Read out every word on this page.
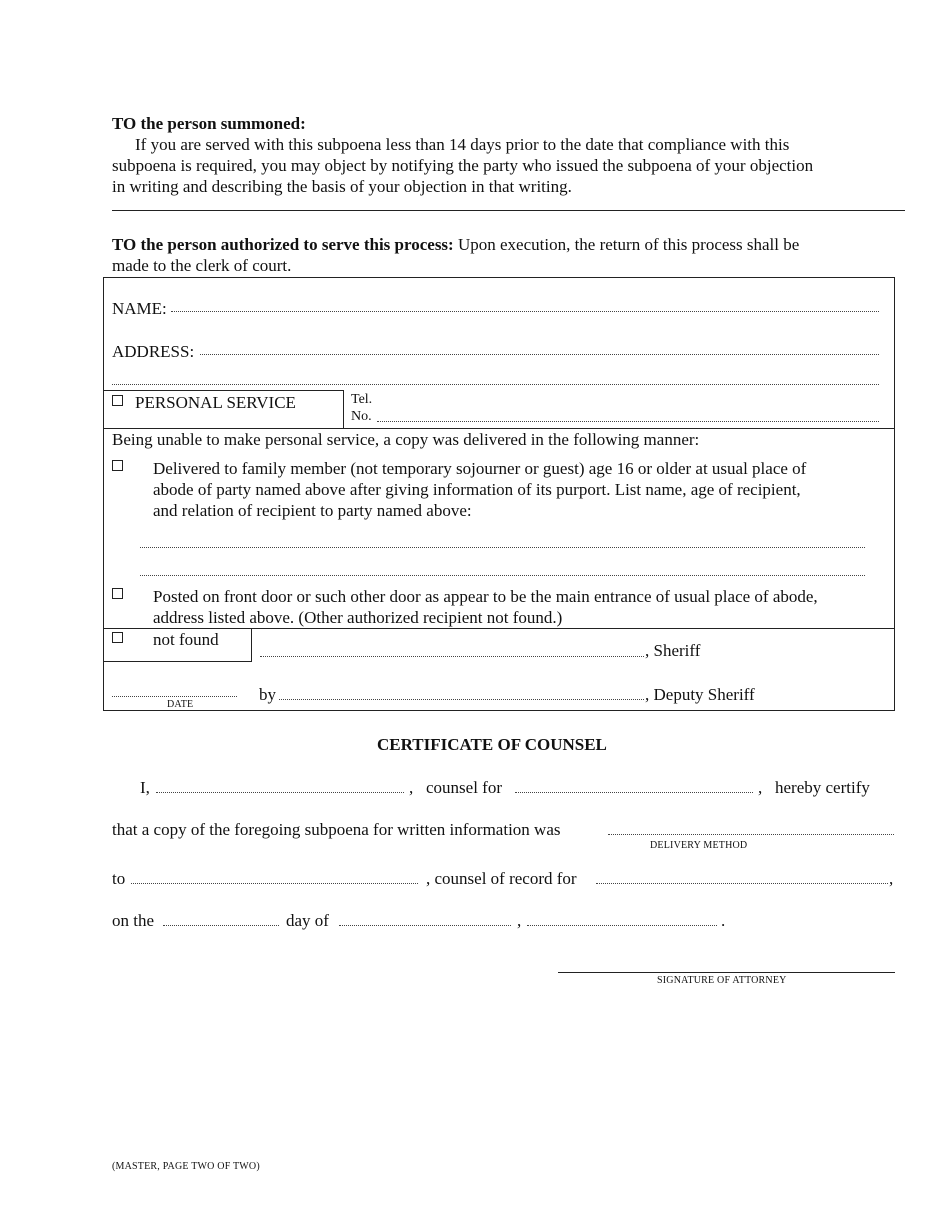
TO the person summoned:
If you are served with this subpoena less than 14 days prior to the date that compliance with this
subpoena is required, you may object by notifying the party who issued the subpoena of your objection
in writing and describing the basis of your objection in that writing.
TO the person authorized to serve this process: Upon execution, the return of this process shall be
made to the clerk of court.
NAME:
ADDRESS:
PERSONAL SERVICE	Tel.
No.
Being unable to make personal service, a copy was delivered in the following manner:
Delivered to family member (not temporary sojourner or guest) age 16 or older at usual place of
abode of party named above after giving information of its purport. List name, age of recipient,
and relation of recipient to party named above:
Posted on front door or such other door as appear to be the main entrance of usual place of abode,
address listed above. (Other authorized recipient not found.)
not found
, Sheriff
DATE
by	, Deputy Sheriff
CERTIFICATE OF COUNSEL
I,	, counsel for	, hereby certify
that a copy of the foregoing subpoena for written information was
DELIVERY METHOD
to	, counsel of record for	,
on the	day of	,	.
SIGNATURE OF ATTORNEY
(MASTER, PAGE TWO OF TWO)
